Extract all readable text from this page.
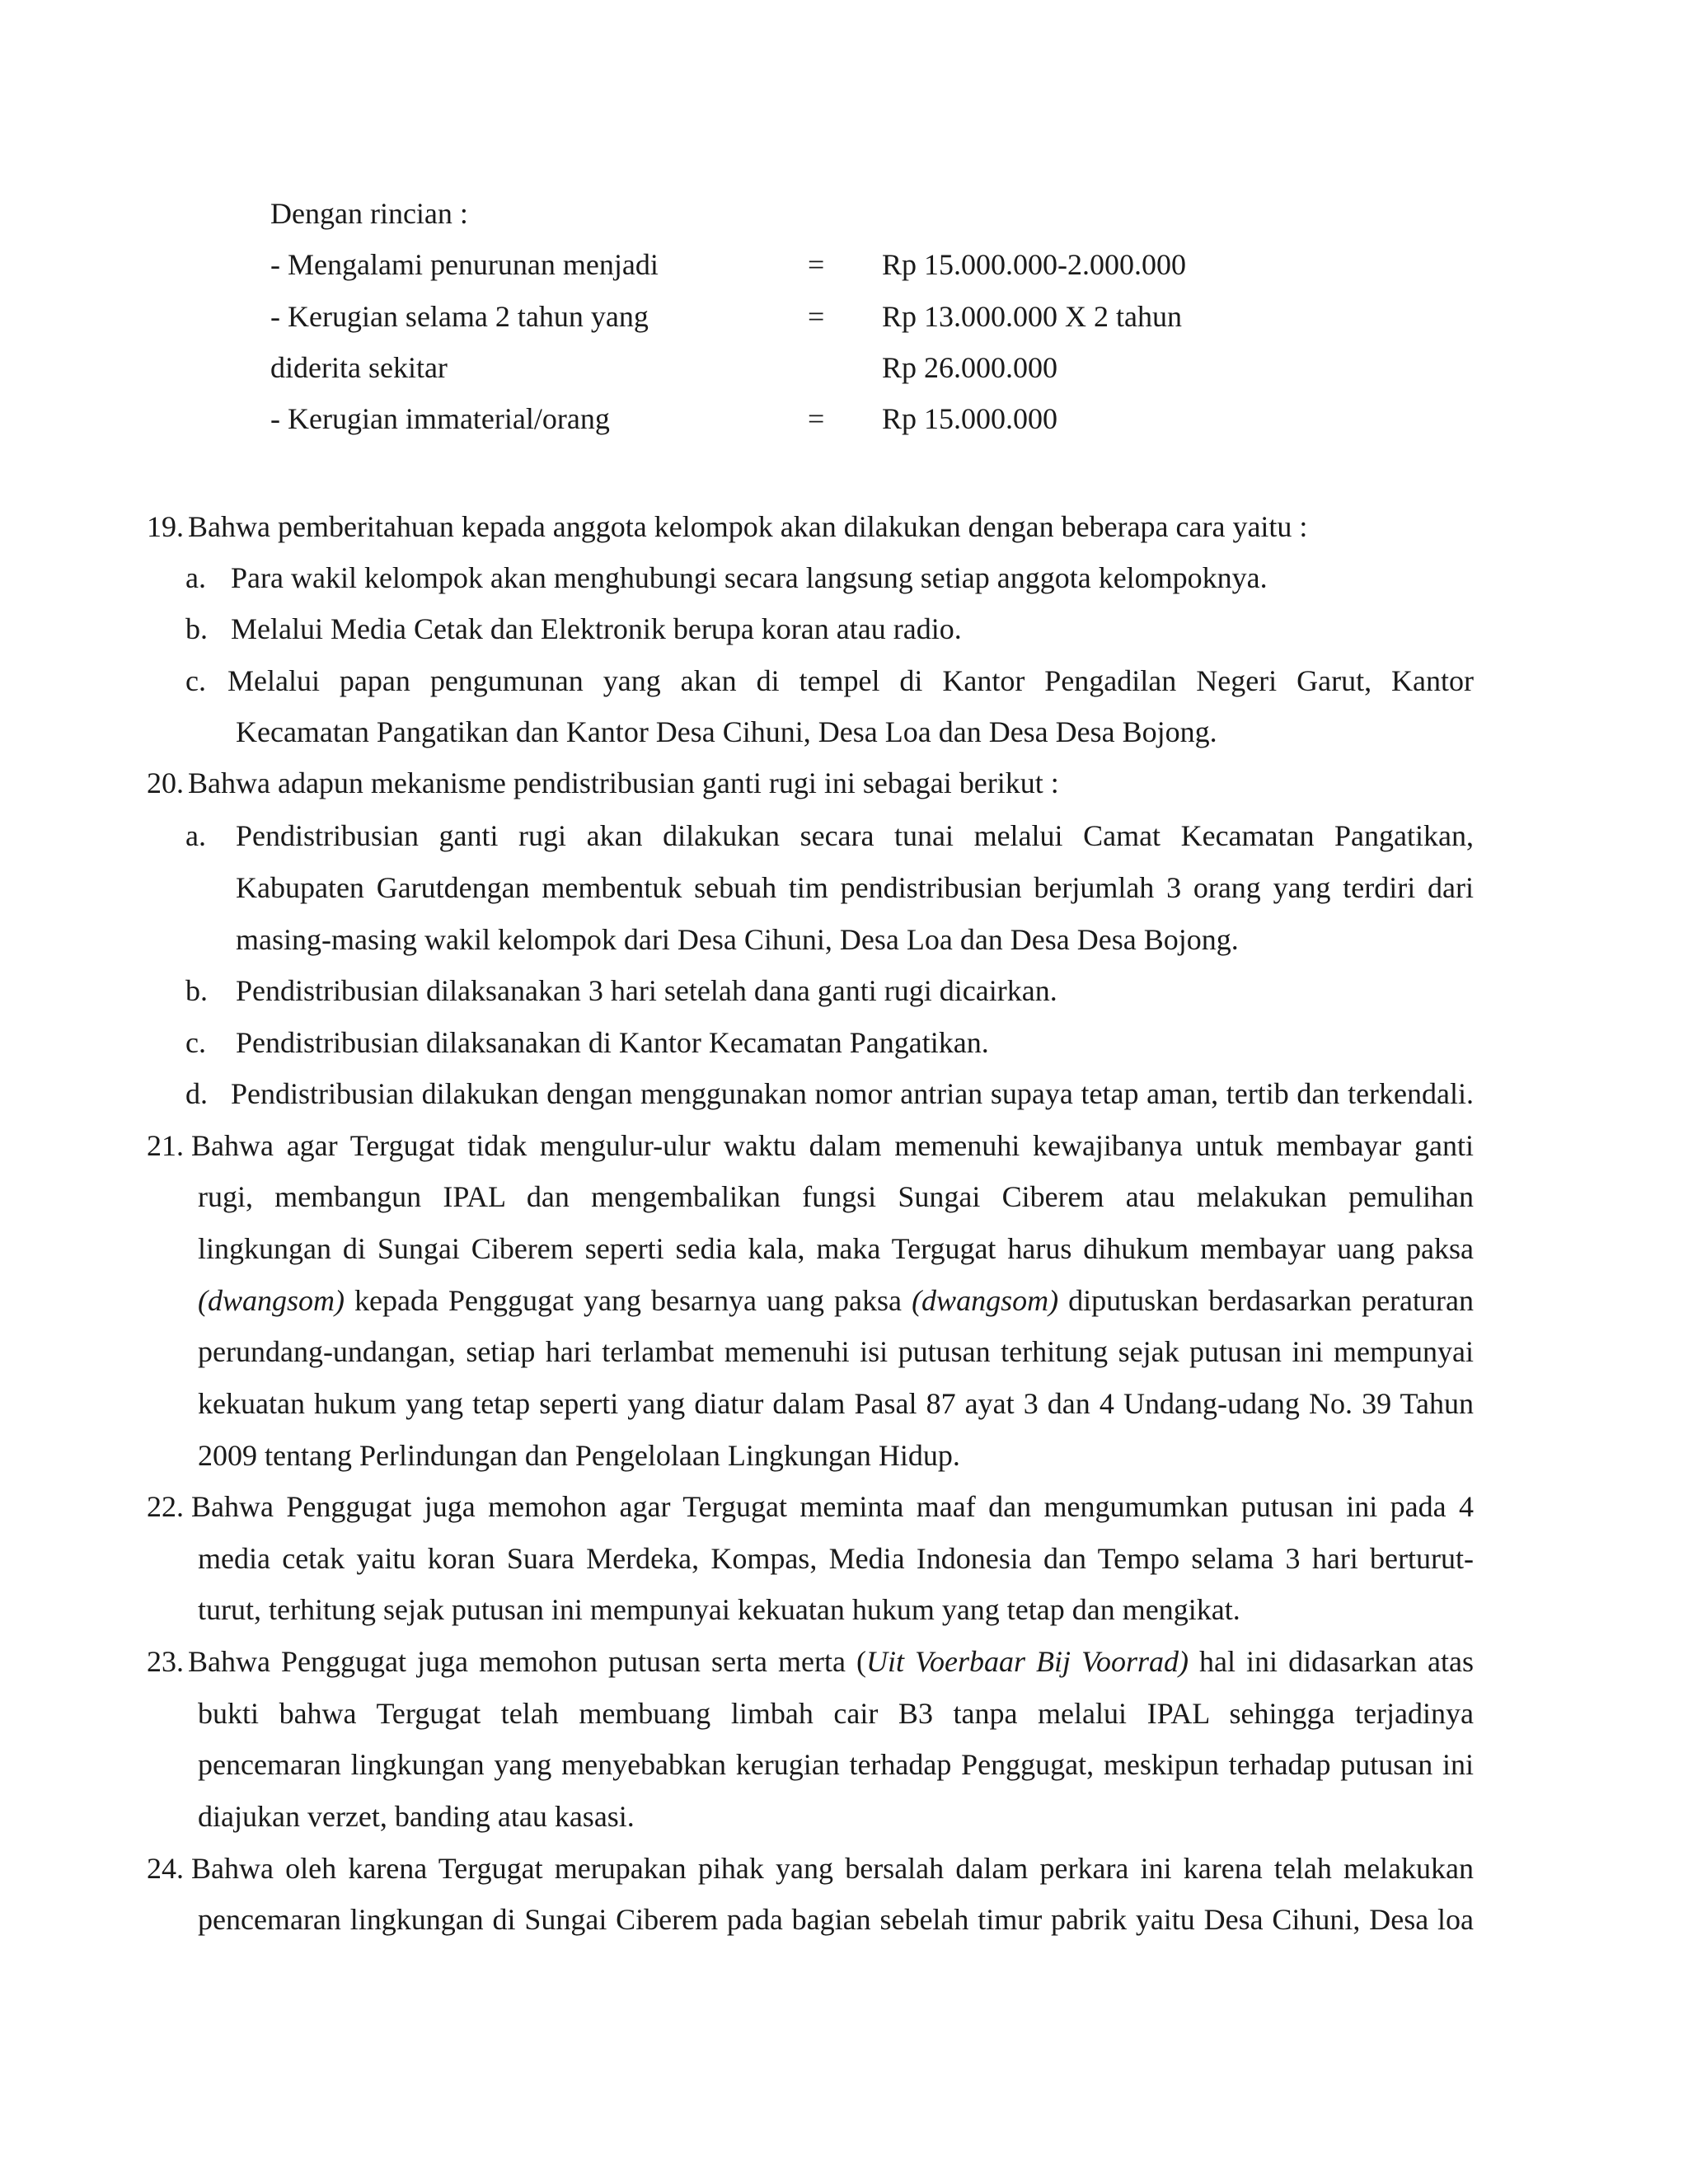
Dengan rincian :
- Mengalami penurunan menjadi	= Rp 15.000.000-2.000.000
- Kerugian selama 2 tahun yang	= Rp 13.000.000 X 2 tahun
diderita sekitar	Rp 26.000.000
- Kerugian immaterial/orang	= Rp 15.000.000
19. Bahwa pemberitahuan kepada anggota kelompok akan dilakukan dengan beberapa cara yaitu :
a. Para wakil kelompok akan menghubungi secara langsung setiap anggota kelompoknya.
b. Melalui Media Cetak dan Elektronik berupa koran atau radio.
c. Melalui papan pengumunan yang akan di tempel di Kantor Pengadilan Negeri Garut, Kantor
Kecamatan Pangatikan dan Kantor Desa Cihuni, Desa Loa dan Desa Desa Bojong.
20. Bahwa adapun mekanisme pendistribusian ganti rugi ini sebagai berikut :
a. Pendistribusian ganti rugi akan dilakukan secara tunai melalui Camat Kecamatan Pangatikan,
Kabupaten Garutdengan membentuk sebuah tim pendistribusian berjumlah 3 orang yang terdiri dari
masing-masing wakil kelompok dari Desa Cihuni, Desa Loa dan Desa Desa Bojong.
b. Pendistribusian dilaksanakan 3 hari setelah dana ganti rugi dicairkan.
c. Pendistribusian dilaksanakan di Kantor Kecamatan Pangatikan.
d. Pendistribusian dilakukan dengan menggunakan nomor antrian supaya tetap aman, tertib dan terkendali.
21. Bahwa agar Tergugat tidak mengulur-ulur waktu dalam memenuhi kewajibanya untuk membayar ganti
rugi, membangun IPAL dan mengembalikan fungsi Sungai Ciberem atau melakukan pemulihan
lingkungan di Sungai Ciberem seperti sedia kala, maka Tergugat harus dihukum membayar uang paksa
(dwangsom) kepada Penggugat yang besarnya uang paksa (dwangsom) diputuskan berdasarkan peraturan
perundang-undangan, setiap hari terlambat memenuhi isi putusan terhitung sejak putusan ini mempunyai
kekuatan hukum yang tetap seperti yang diatur dalam Pasal 87 ayat 3 dan 4 Undang-udang No. 39 Tahun
2009 tentang Perlindungan dan Pengelolaan Lingkungan Hidup.
22. Bahwa Penggugat juga memohon agar Tergugat meminta maaf dan mengumumkan putusan ini pada 4
media cetak yaitu koran Suara Merdeka, Kompas, Media Indonesia dan Tempo selama 3 hari berturut-
turut, terhitung sejak putusan ini mempunyai kekuatan hukum yang tetap dan mengikat.
23. Bahwa Penggugat juga memohon putusan serta merta (Uit Voerbaar Bij Voorrad) hal ini didasarkan atas
bukti bahwa Tergugat telah membuang limbah cair B3 tanpa melalui IPAL sehingga terjadinya
pencemaran lingkungan yang menyebabkan kerugian terhadap Penggugat, meskipun terhadap putusan ini
diajukan verzet, banding atau kasasi.
24. Bahwa oleh karena Tergugat merupakan pihak yang bersalah dalam perkara ini karena telah melakukan
pencemaran lingkungan di Sungai Ciberem pada bagian sebelah timur pabrik yaitu Desa Cihuni, Desa loa
